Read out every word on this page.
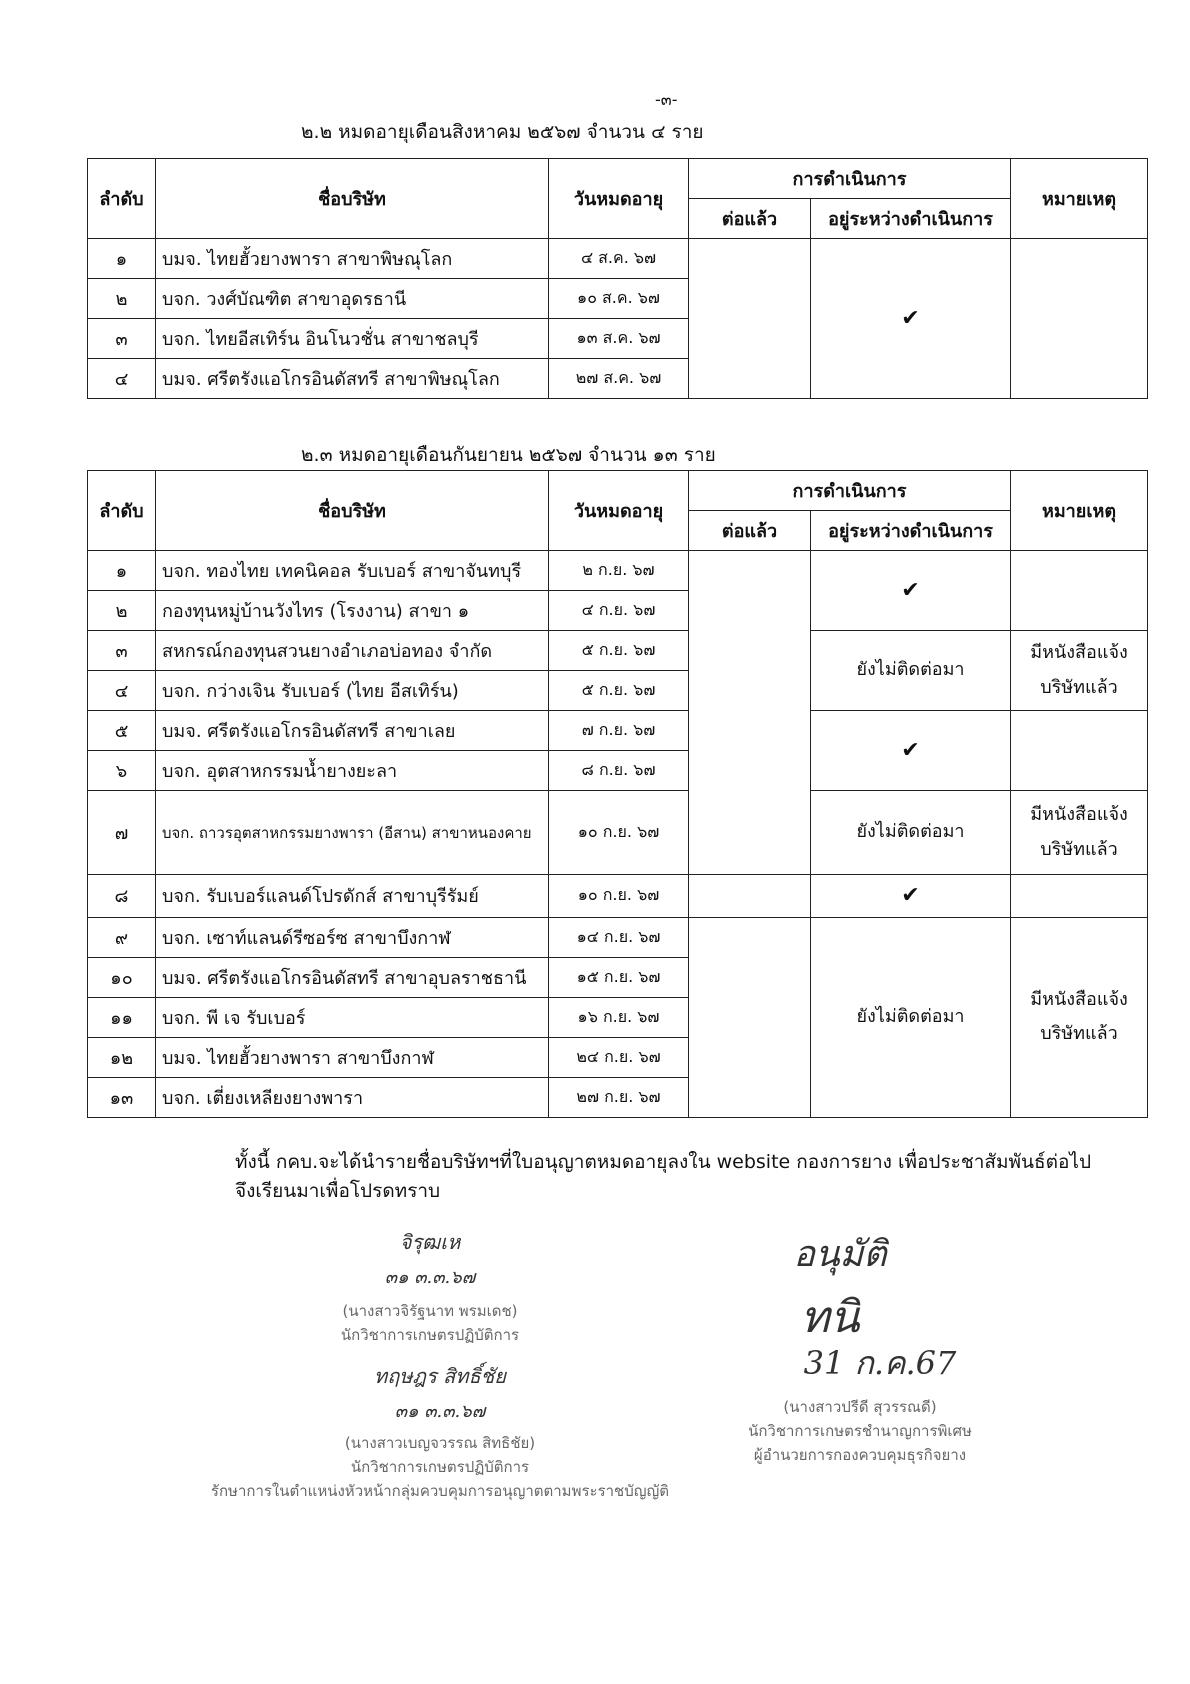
-๓-
๒.๒ หมดอายุเดือนสิงหาคม ๒๕๖๗ จำนวน ๔ ราย
ลำดับ	ชื่อบริษัท	วันหมดอายุ	การดำเนินการ		หมายเหตุ
			ต่อแล้ว	อยู่ระหว่างดำเนินการ	
๑	บมจ. ไทยฮั้วยางพารา สาขาพิษณุโลก	๔ ส.ค. ๖๗		✔	
๒	บจก. วงศ์บัณฑิต สาขาอุดรธานี	๑๐ ส.ค. ๖๗			
๓	บจก. ไทยอีสเทิร์น อินโนวชั่น สาขาชลบุรี	๑๓ ส.ค. ๖๗			
๔	บมจ. ศรีตรังแอโกรอินดัสทรี สาขาพิษณุโลก	๒๗ ส.ค. ๖๗			
๒.๓ หมดอายุเดือนกันยายน ๒๕๖๗ จำนวน ๑๓ ราย
ลำดับ	ชื่อบริษัท	วันหมดอายุ	การดำเนินการ		หมายเหตุ
			ต่อแล้ว	อยู่ระหว่างดำเนินการ	
๑	บจก. ทองไทย เทคนิคอล รับเบอร์ สาขาจันทบุรี	๒ ก.ย. ๖๗		✔	
๒	กองทุนหมู่บ้านวังไทร (โรงงาน) สาขา ๑	๔ ก.ย. ๖๗			
๓	สหกรณ์กองทุนสวนยางอำเภอบ่อทอง จำกัด	๕ ก.ย. ๖๗		ยังไม่ติดต่อมา	มีหนังสือแจ้ง
บริษัทแล้ว
๔	บจก. กว่างเจิน รับเบอร์ (ไทย อีสเทิร์น)	๕ ก.ย. ๖๗			
๕	บมจ. ศรีตรังแอโกรอินดัสทรี สาขาเลย	๗ ก.ย. ๖๗		✔	
๖	บจก. อุตสาหกรรมน้ำยางยะลา	๘ ก.ย. ๖๗			
๗	บจก. ถาวรอุตสาหกรรมยางพารา (อีสาน) สาขาหนองคาย	๑๐ ก.ย. ๖๗		ยังไม่ติดต่อมา	มีหนังสือแจ้ง
บริษัทแล้ว
๘	บจก. รับเบอร์แลนด์โปรดักส์ สาขาบุรีรัมย์	๑๐ ก.ย. ๖๗		✔	
๙	บจก. เซาท์แลนด์รีซอร์ซ สาขาบึงกาฬ	๑๔ ก.ย. ๖๗		ยังไม่ติดต่อมา	มีหนังสือแจ้ง
บริษัทแล้ว
๑๐	บมจ. ศรีตรังแอโกรอินดัสทรี สาขาอุบลราชธานี	๑๕ ก.ย. ๖๗			
๑๑	บจก. พี เจ รับเบอร์	๑๖ ก.ย. ๖๗			
๑๒	บมจ. ไทยฮั้วยางพารา สาขาบึงกาฬ	๒๔ ก.ย. ๖๗			
๑๓	บจก. เตี่ยงเหลียงยางพารา	๒๗ ก.ย. ๖๗			
ทั้งนี้ กคบ.จะได้นำรายชื่อบริษัทฯที่ใบอนุญาตหมดอายุลงใน website กองการยาง เพื่อประชาสัมพันธ์ต่อไป
จึงเรียนมาเพื่อโปรดทราบ
จิรุฒเห
๓๑ ๓.๓.๖๗
(นางสาวจิรัฐนาท พรมเดช)
นักวิชาการเกษตรปฏิบัติการ
ทฤษฎร สิทธิ์ชัย
๓๑ ๓.๓.๖๗
(นางสาวเบญจวรรณ สิทธิชัย)
นักวิชาการเกษตรปฏิบัติการ
รักษาการในตำแหน่งหัวหน้ากลุ่มควบคุมการอนุญาตตามพระราชบัญญัติ
อนุมัติ
ทนิ
31 ก.ค.67
(นางสาวปรีดี สุวรรณดี)
นักวิชาการเกษตรชำนาญการพิเศษ
ผู้อำนวยการกองควบคุมธุรกิจยาง
